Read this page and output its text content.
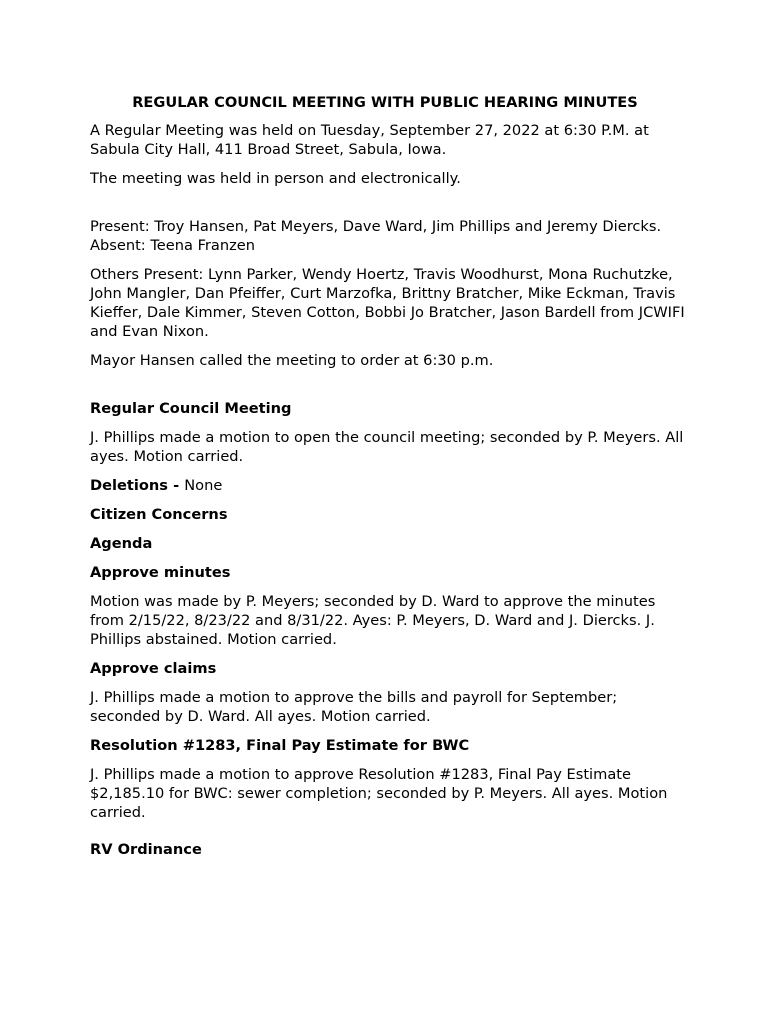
REGULAR COUNCIL MEETING WITH PUBLIC HEARING MINUTES

A Regular Meeting was held on Tuesday, September 27, 2022 at 6:30 P.M. at Sabula City Hall, 411 Broad Street, Sabula, Iowa.

The meeting was held in person and electronically.

Present: Troy Hansen, Pat Meyers, Dave Ward, Jim Phillips and Jeremy Diercks. Absent: Teena Franzen

Others Present: Lynn Parker, Wendy Hoertz, Travis Woodhurst, Mona Ruchutzke, John Mangler, Dan Pfeiffer, Curt Marzofka, Brittny Bratcher, Mike Eckman, Travis Kieffer, Dale Kimmer, Steven Cotton, Bobbi Jo Bratcher, Jason Bardell from JCWIFI and Evan Nixon.

Mayor Hansen called the meeting to order at 6:30 p.m.

Regular Council Meeting

J. Phillips made a motion to open the council meeting; seconded by P. Meyers. All ayes. Motion carried.

Deletions - None

Citizen Concerns
Agenda
Approve minutes

Motion was made by P. Meyers; seconded by D. Ward to approve the minutes from 2/15/22, 8/23/22 and 8/31/22. Ayes: P. Meyers, D. Ward and J. Diercks. J. Phillips abstained. Motion carried.

Approve claims

J. Phillips made a motion to approve the bills and payroll for September; seconded by D. Ward. All ayes. Motion carried.

Resolution #1283, Final Pay Estimate for BWC

J. Phillips made a motion to approve Resolution #1283, Final Pay Estimate $2,185.10 for BWC: sewer completion; seconded by P. Meyers. All ayes. Motion carried.

RV Ordinance
